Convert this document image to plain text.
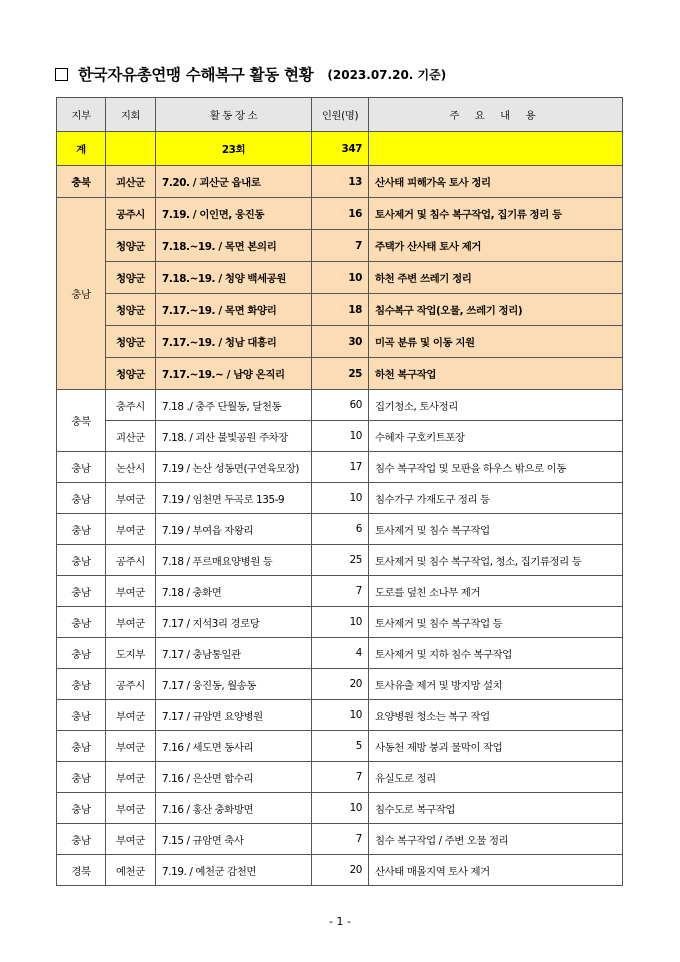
한국자유총연맹 수해복구 활동 현황 (2023.07.20. 기준)
지부	지회	활 동 장 소	인원(명)	주 요 내 용
계		23회	347	
충북	괴산군	7.20. / 괴산군 읍내로	13	산사태 피해가옥 토사 정리
충남	공주시	7.19. / 이인면, 웅진동	16	토사제거 및 침수 복구작업, 집기류 정리 등
	청양군	7.18.~19. / 목면 본의리	7	주택가 산사태 토사 제거
	청양군	7.18.~19. / 청양 백세공원	10	하천 주변 쓰레기 정리
	청양군	7.17.~19. / 목면 화양리	18	침수복구 작업(오물, 쓰레기 정리)
	청양군	7.17.~19. / 청남 대흥리	30	미곡 분류 및 이동 지원
	청양군	7.17.~19.~ / 남양 온직리	25	하천 복구작업
충북	충주시	7.18 ./ 충주 단월동, 달천동	60	집기청소, 토사정리
	괴산군	7.18. / 괴산 불빛공원 주차장	10	수혜자 구호키트포장
충남	논산시	7.19 / 논산 성동면(구연육모장)	17	침수 복구작업 및 모판을 하우스 밖으로 이동
충남	부여군	7.19 / 임천면 두곡로 135-9	10	침수가구 가재도구 정리 등
충남	부여군	7.19 / 부여읍 자왕리	6	토사제거 및 침수 복구작업
충남	공주시	7.18 / 푸르매요양병원 등	25	토사제거 및 침수 복구작업, 청소, 집기류정리 등
충남	부여군	7.18 / 충화면	7	도로를 덮친 소나무 제거
충남	부여군	7.17 / 지석3리 경로당	10	토사제거 및 침수 복구작업 등
충남	도지부	7.17 / 충남통일관	4	토사제거 및 지하 침수 복구작업
충남	공주시	7.17 / 웅진동, 월송동	20	토사유출 제거 및 방지망 설치
충남	부여군	7.17 / 규암면 요양병원	10	요양병원 청소는 복구 작업
충남	부여군	7.16 / 세도면 동사리	5	사동천 제방 붕괴 물막이 작업
충남	부여군	7.16 / 은산면 합수리	7	유실도로 정리
충남	부여군	7.16 / 홍산 충화방면	10	침수도로 복구작업
충남	부여군	7.15 / 규암면 축사	7	침수 복구작업 / 주변 오물 정리
경북	예천군	7.19. / 예천군 감천면	20	산사태 매몰지역 토사 제거
- 1 -
